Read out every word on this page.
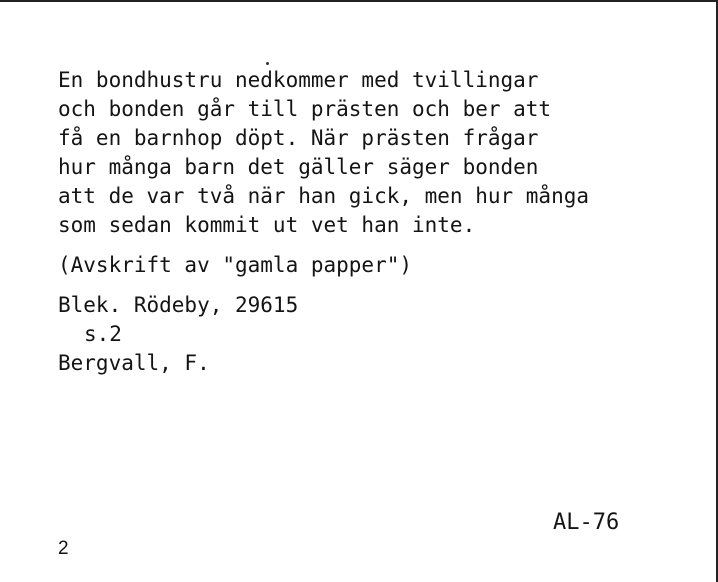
En bondhustru nedkommer med tvillingar
och bonden går till prästen och ber att
få en barnhop döpt. När prästen frågar
hur många barn det gäller säger bonden
att de var två när han gick, men hur många
som sedan kommit ut vet han inte.

(Avskrift av "gamla papper")
Blek. Rödeby, 29615
s.2
Bergvall, F.
AL-76
2
